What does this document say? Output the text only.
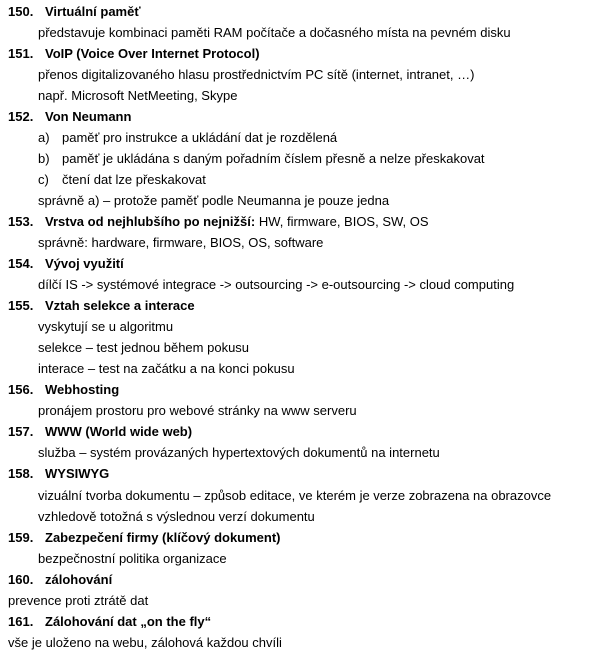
150. Virtuální paměť
představuje kombinaci paměti RAM počítače a dočasného místa na pevném disku
151. VoIP (Voice Over Internet Protocol)
přenos digitalizovaného hlasu prostřednictvím PC sítě (internet, intranet, …)
např. Microsoft NetMeeting, Skype
152. Von Neumann
a) paměť pro instrukce a ukládání dat je rozdělená
b) paměť je ukládána s daným pořadním číslem přesně a nelze přeskakovat
c) čtení dat lze přeskakovat
správně a) – protože paměť podle Neumanna je pouze jedna
153. Vrstva od nejhlubšího po nejnižší: HW, firmware, BIOS, SW, OS
správně: hardware, firmware, BIOS, OS, software
154. Vývoj využití
dílčí IS -> systémové integrace -> outsourcing -> e-outsourcing -> cloud computing
155. Vztah selekce a interace
vyskytují se u algoritmu
selekce – test jednou během pokusu
interace – test na začátku a na konci pokusu
156. Webhosting
pronájem prostoru pro webové stránky na www serveru
157. WWW (World wide web)
služba – systém provázaných hypertextových dokumentů na internetu
158. WYSIWYG
vizuální tvorba dokumentu – způsob editace, ve kterém je verze zobrazena na obrazovce
vzhledově totožná s výslednou verzí dokumentu
159. Zabezpečení firmy (klíčový dokument)
bezpečnostní politika organizace
160. zálohování
prevence proti ztrátě dat
161. Zálohování dat „on the fly“
vše je uloženo na webu, zálohová každou chvíli
